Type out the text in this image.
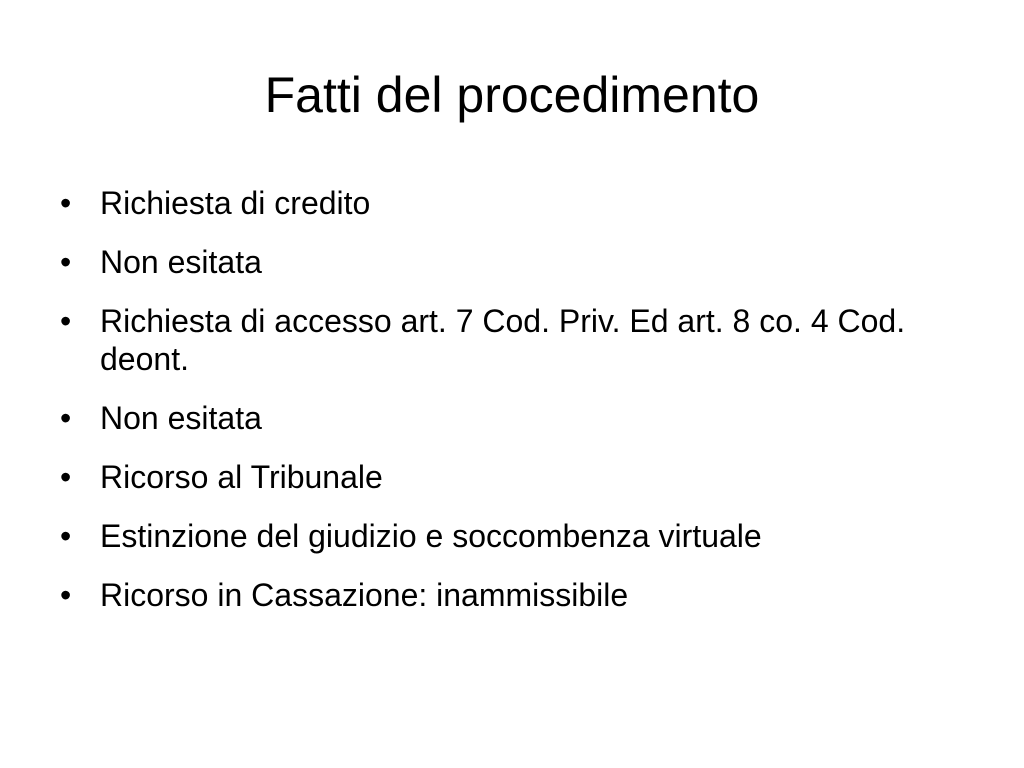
Fatti del procedimento
• Richiesta di credito
• Non esitata
• Richiesta di accesso art. 7 Cod. Priv. Ed art. 8 co. 4 Cod. deont.
• Non esitata
• Ricorso al Tribunale
• Estinzione del giudizio e soccombenza virtuale
• Ricorso in Cassazione: inammissibile
